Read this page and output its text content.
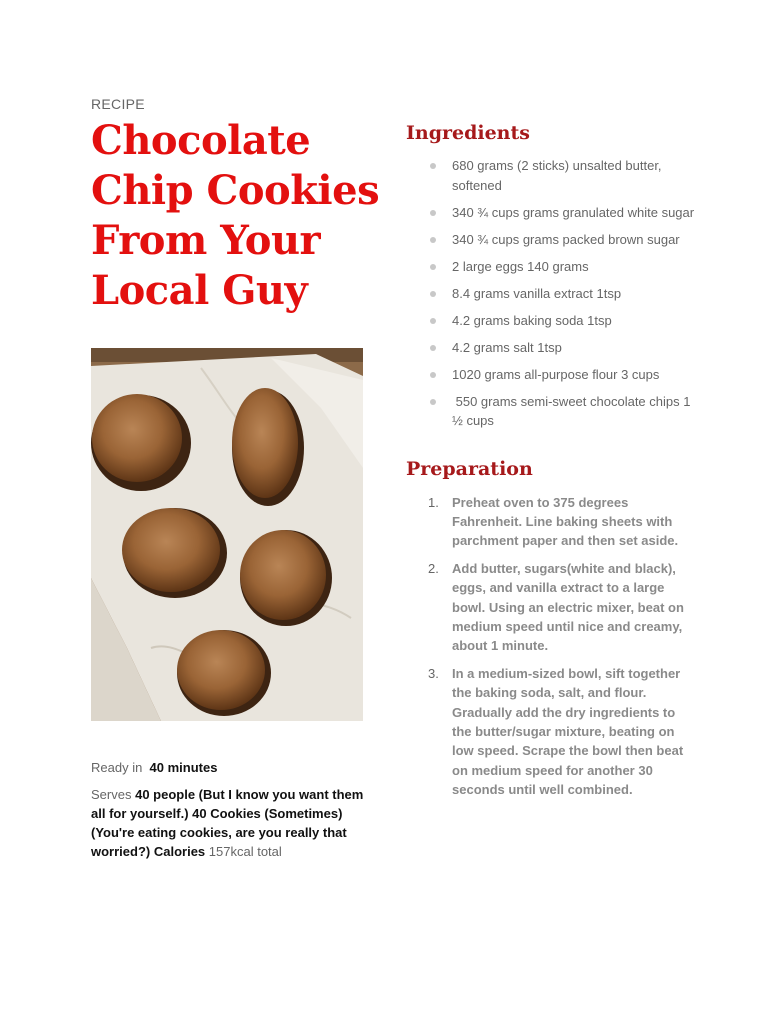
RECIPE
Chocolate
Chip Cookies
From Your
Local Guy

Ready in 40 minutes

Serves 40 people (But I know you want them all for yourself.) 40 Cookies (Sometimes) (You're eating cookies, are you really that worried?) Calories 157kcal total

Ingredients
680 grams (2 sticks) unsalted butter, softened
340 ¾ cups grams granulated white sugar
340 ¾ cups grams packed brown sugar
2 large eggs 140 grams
8.4 grams vanilla extract 1tsp
4.2 grams baking soda 1tsp
4.2 grams salt 1tsp
1020 grams all-purpose flour 3 cups
550 grams semi-sweet chocolate chips 1 ½ cups
Preparation
1. Preheat oven to 375 degrees Fahrenheit. Line baking sheets with parchment paper and then set aside.
2. Add butter, sugars(white and black), eggs, and vanilla extract to a large bowl. Using an electric mixer, beat on medium speed until nice and creamy, about 1 minute.
3. In a medium-sized bowl, sift together the baking soda, salt, and flour. Gradually add the dry ingredients to the butter/sugar mixture, beating on low speed. Scrape the bowl then beat on medium speed for another 30 seconds until well combined.
